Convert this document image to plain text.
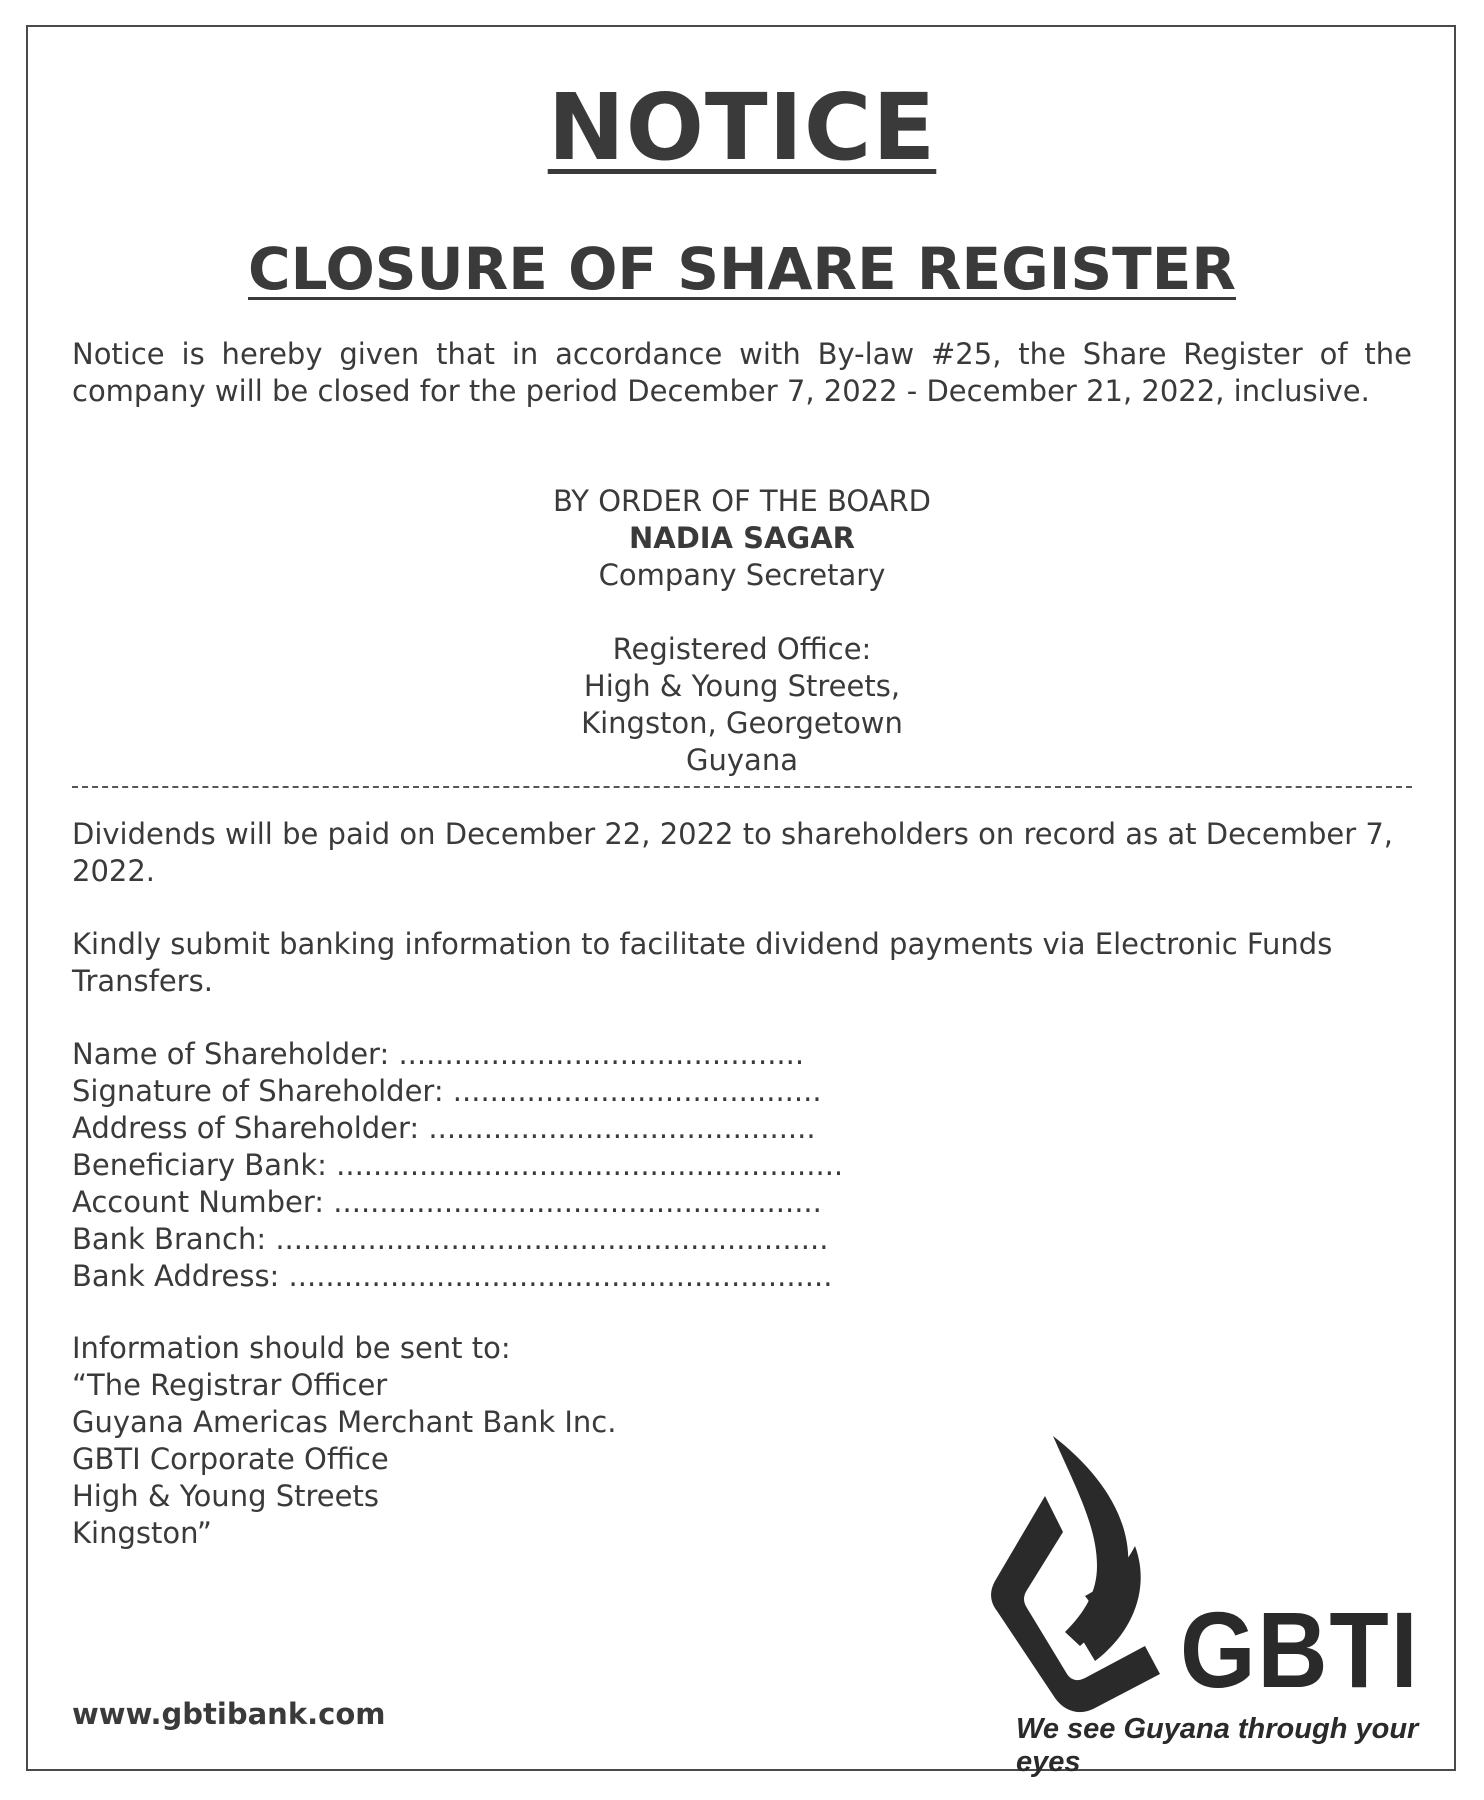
NOTICE
CLOSURE OF SHARE REGISTER

Notice is hereby given that in accordance with By-law #25, the Share Register of the company will be closed for the period December 7, 2022 - December 21, 2022, inclusive.

BY ORDER OF THE BOARD
NADIA SAGAR
Company Secretary
Registered Office:
High & Young Streets,
Kingston, Georgetown
Guyana

Dividends will be paid on December 22, 2022 to shareholders on record as at December 7, 2022.

Kindly submit banking information to facilitate dividend payments via Electronic Funds Transfers.

Name of Shareholder: ............................................
Signature of Shareholder: ........................................
Address of Shareholder: ..........................................
Beneficiary Bank: .......................................................
Account Number: .....................................................
Bank Branch: ............................................................
Bank Address: ...........................................................
Information should be sent to:
“The Registrar Officer
Guyana Americas Merchant Bank Inc.
GBTI Corporate Office
High & Young Streets
Kingston”
www.gbtibank.com
GBTI
We see Guyana through your eyes
